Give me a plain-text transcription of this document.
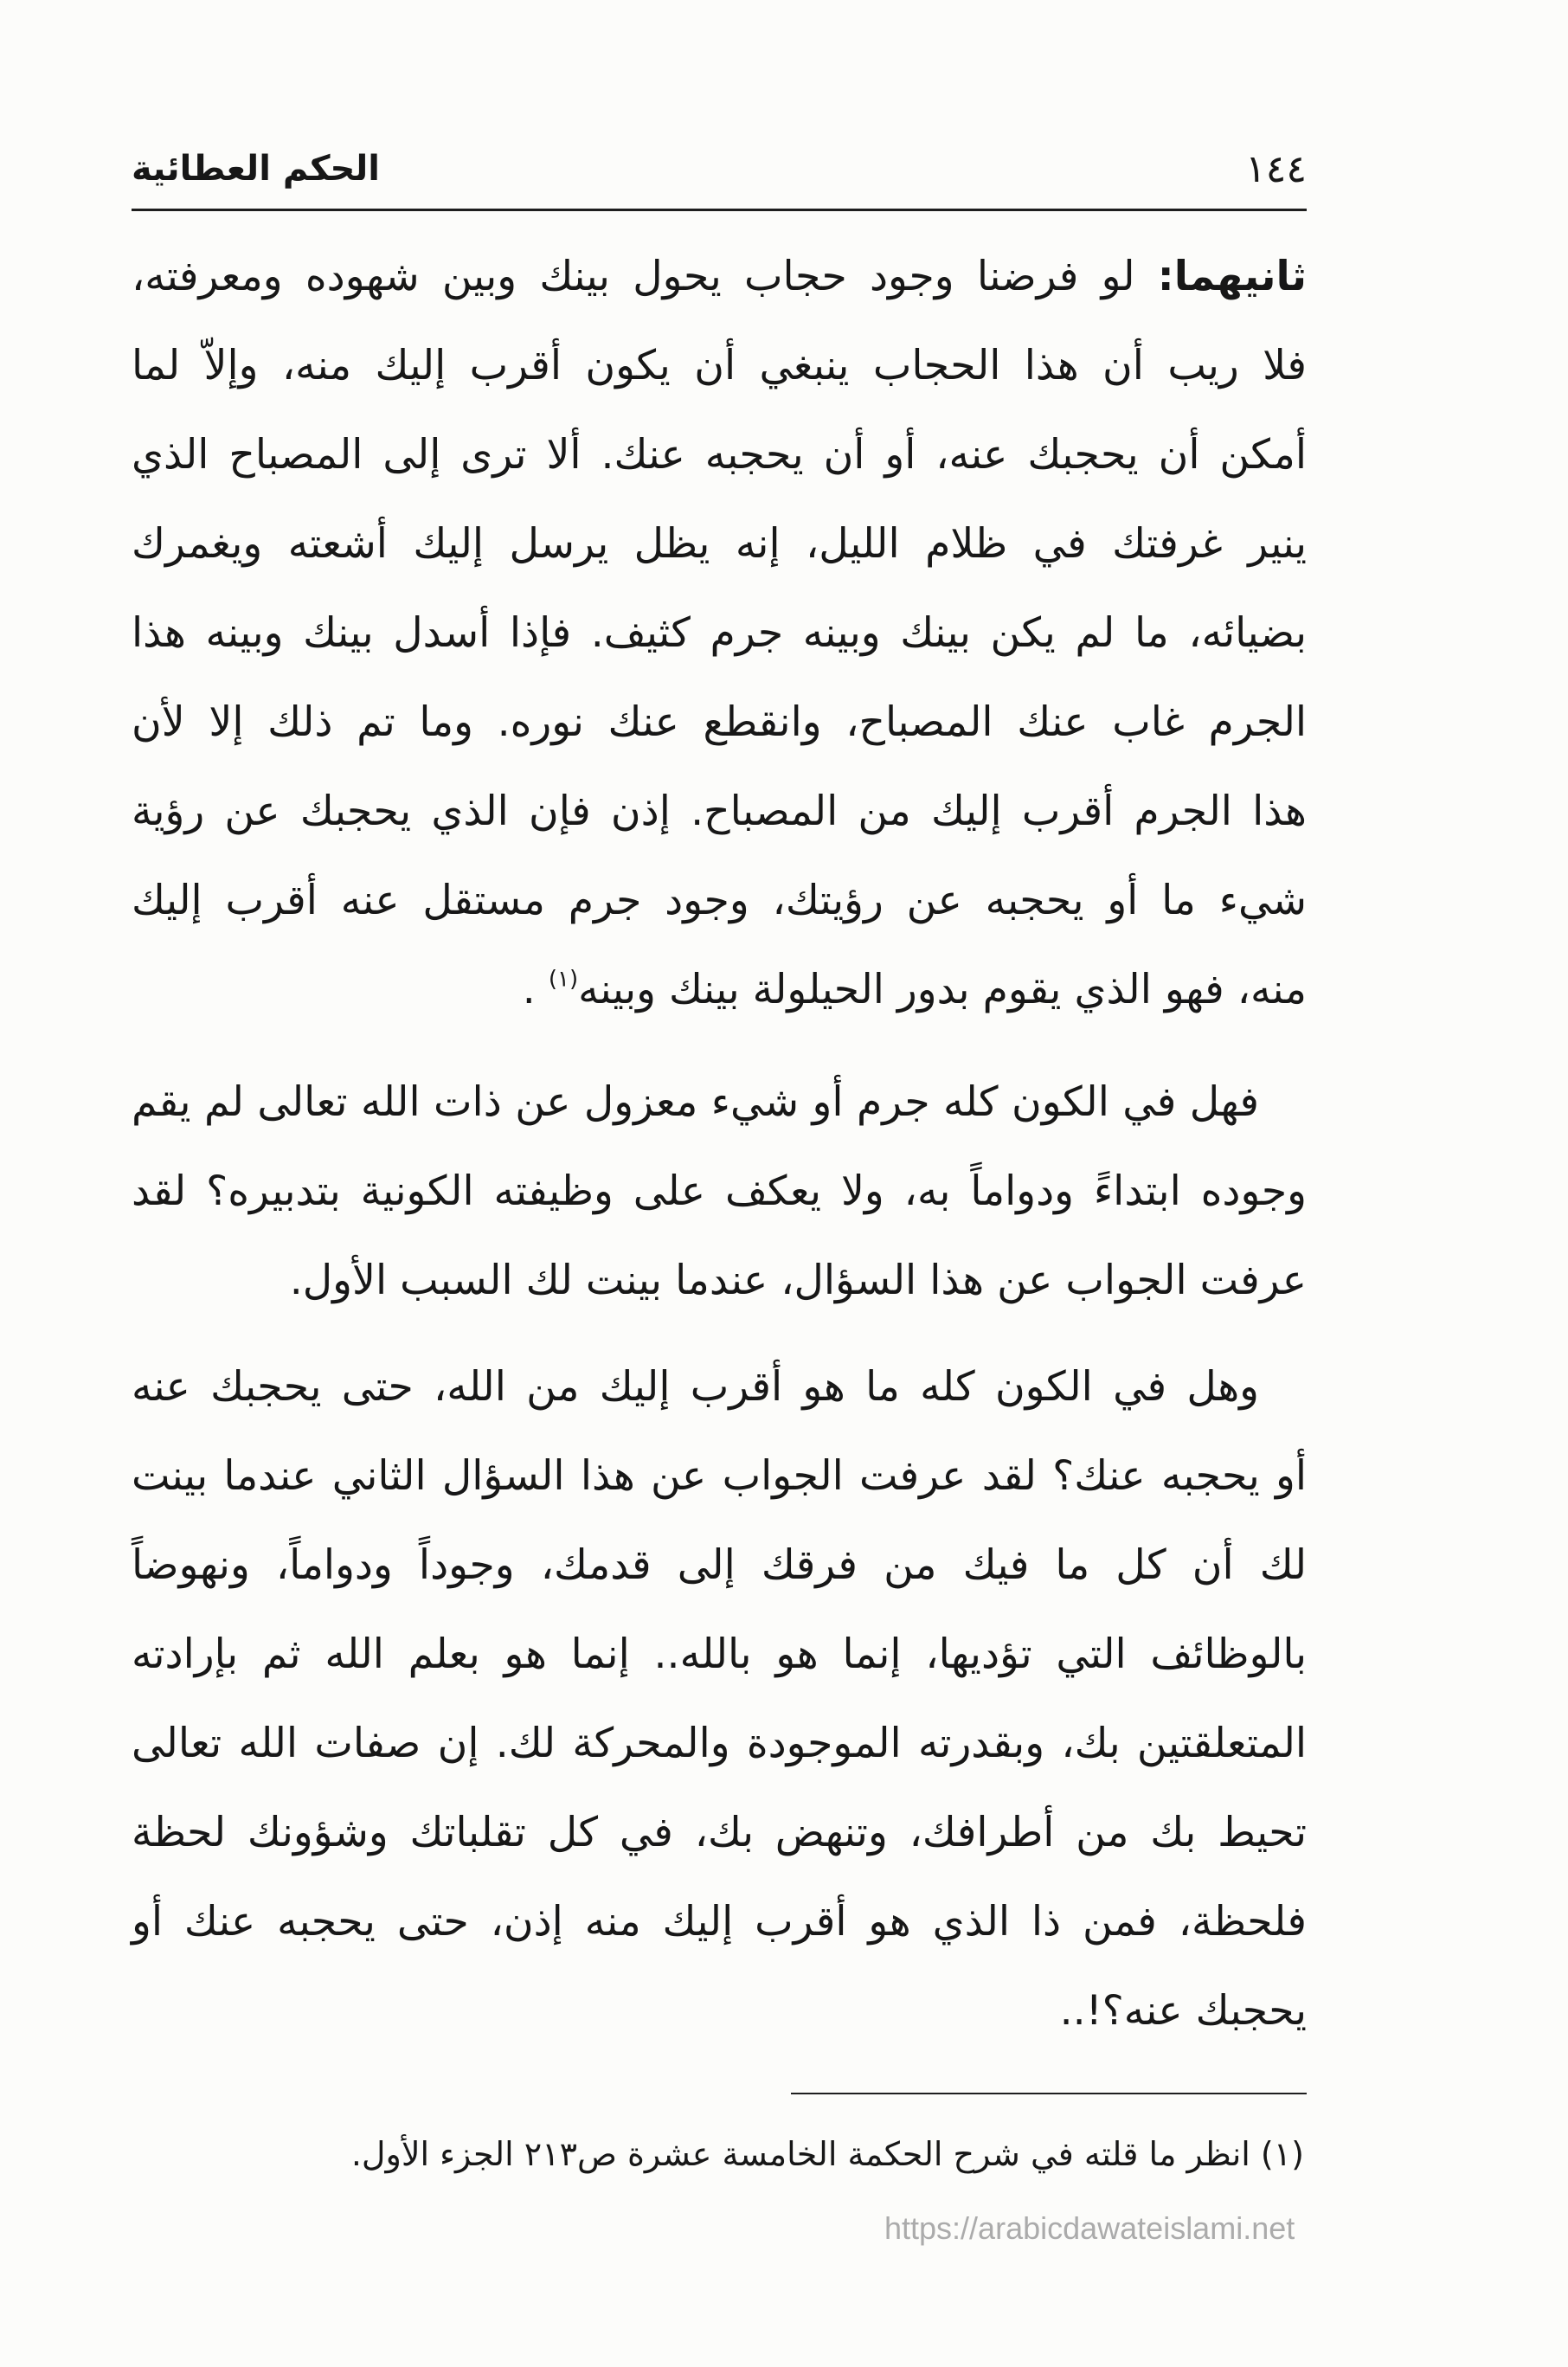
١٤٤
الحكم العطائية
ثانيهما: لو فرضنا وجود حجاب يحول بينك وبين شهوده ومعرفته،
فلا ريب أن هذا الحجاب ينبغي أن يكون أقرب إليك منه، وإلاّ لما
أمكن أن يحجبك عنه، أو أن يحجبه عنك. ألا ترى إلى المصباح الذي
ينير غرفتك في ظلام الليل، إنه يظل يرسل إليك أشعته ويغمرك
بضيائه، ما لم يكن بينك وبينه جرم كثيف. فإذا أسدل بينك وبينه هذا
الجرم غاب عنك المصباح، وانقطع عنك نوره. وما تم ذلك إلا لأن
هذا الجرم أقرب إليك من المصباح. إذن فإن الذي يحجبك عن رؤية
شيء ما أو يحجبه عن رؤيتك، وجود جرم مستقل عنه أقرب إليك
منه، فهو الذي يقوم بدور الحيلولة بينك وبينه$^{(١)}$ .
فهل في الكون كله جرم أو شيء معزول عن ذات الله تعالى لم يقم
وجوده ابتداءً ودواماً به، ولا يعكف على وظيفته الكونية بتدبيره؟ لقد
عرفت الجواب عن هذا السؤال، عندما بينت لك السبب الأول.
وهل في الكون كله ما هو أقرب إليك من الله، حتى يحجبك عنه
أو يحجبه عنك؟ لقد عرفت الجواب عن هذا السؤال الثاني عندما بينت
لك أن كل ما فيك من فرقك إلى قدمك، وجوداً ودواماً، ونهوضاً
بالوظائف التي تؤديها، إنما هو بالله.. إنما هو بعلم الله ثم بإرادته
المتعلقتين بك، وبقدرته الموجودة والمحركة لك. إن صفات الله تعالى
تحيط بك من أطرافك، وتنهض بك، في كل تقلباتك وشؤونك لحظة
فلحظة، فمن ذا الذي هو أقرب إليك منه إذن، حتى يحجبه عنك أو
يحجبك عنه؟!..
(١) انظر ما قلته في شرح الحكمة الخامسة عشرة ص٢١٣ الجزء الأول.
https://arabicdawateislami.net
